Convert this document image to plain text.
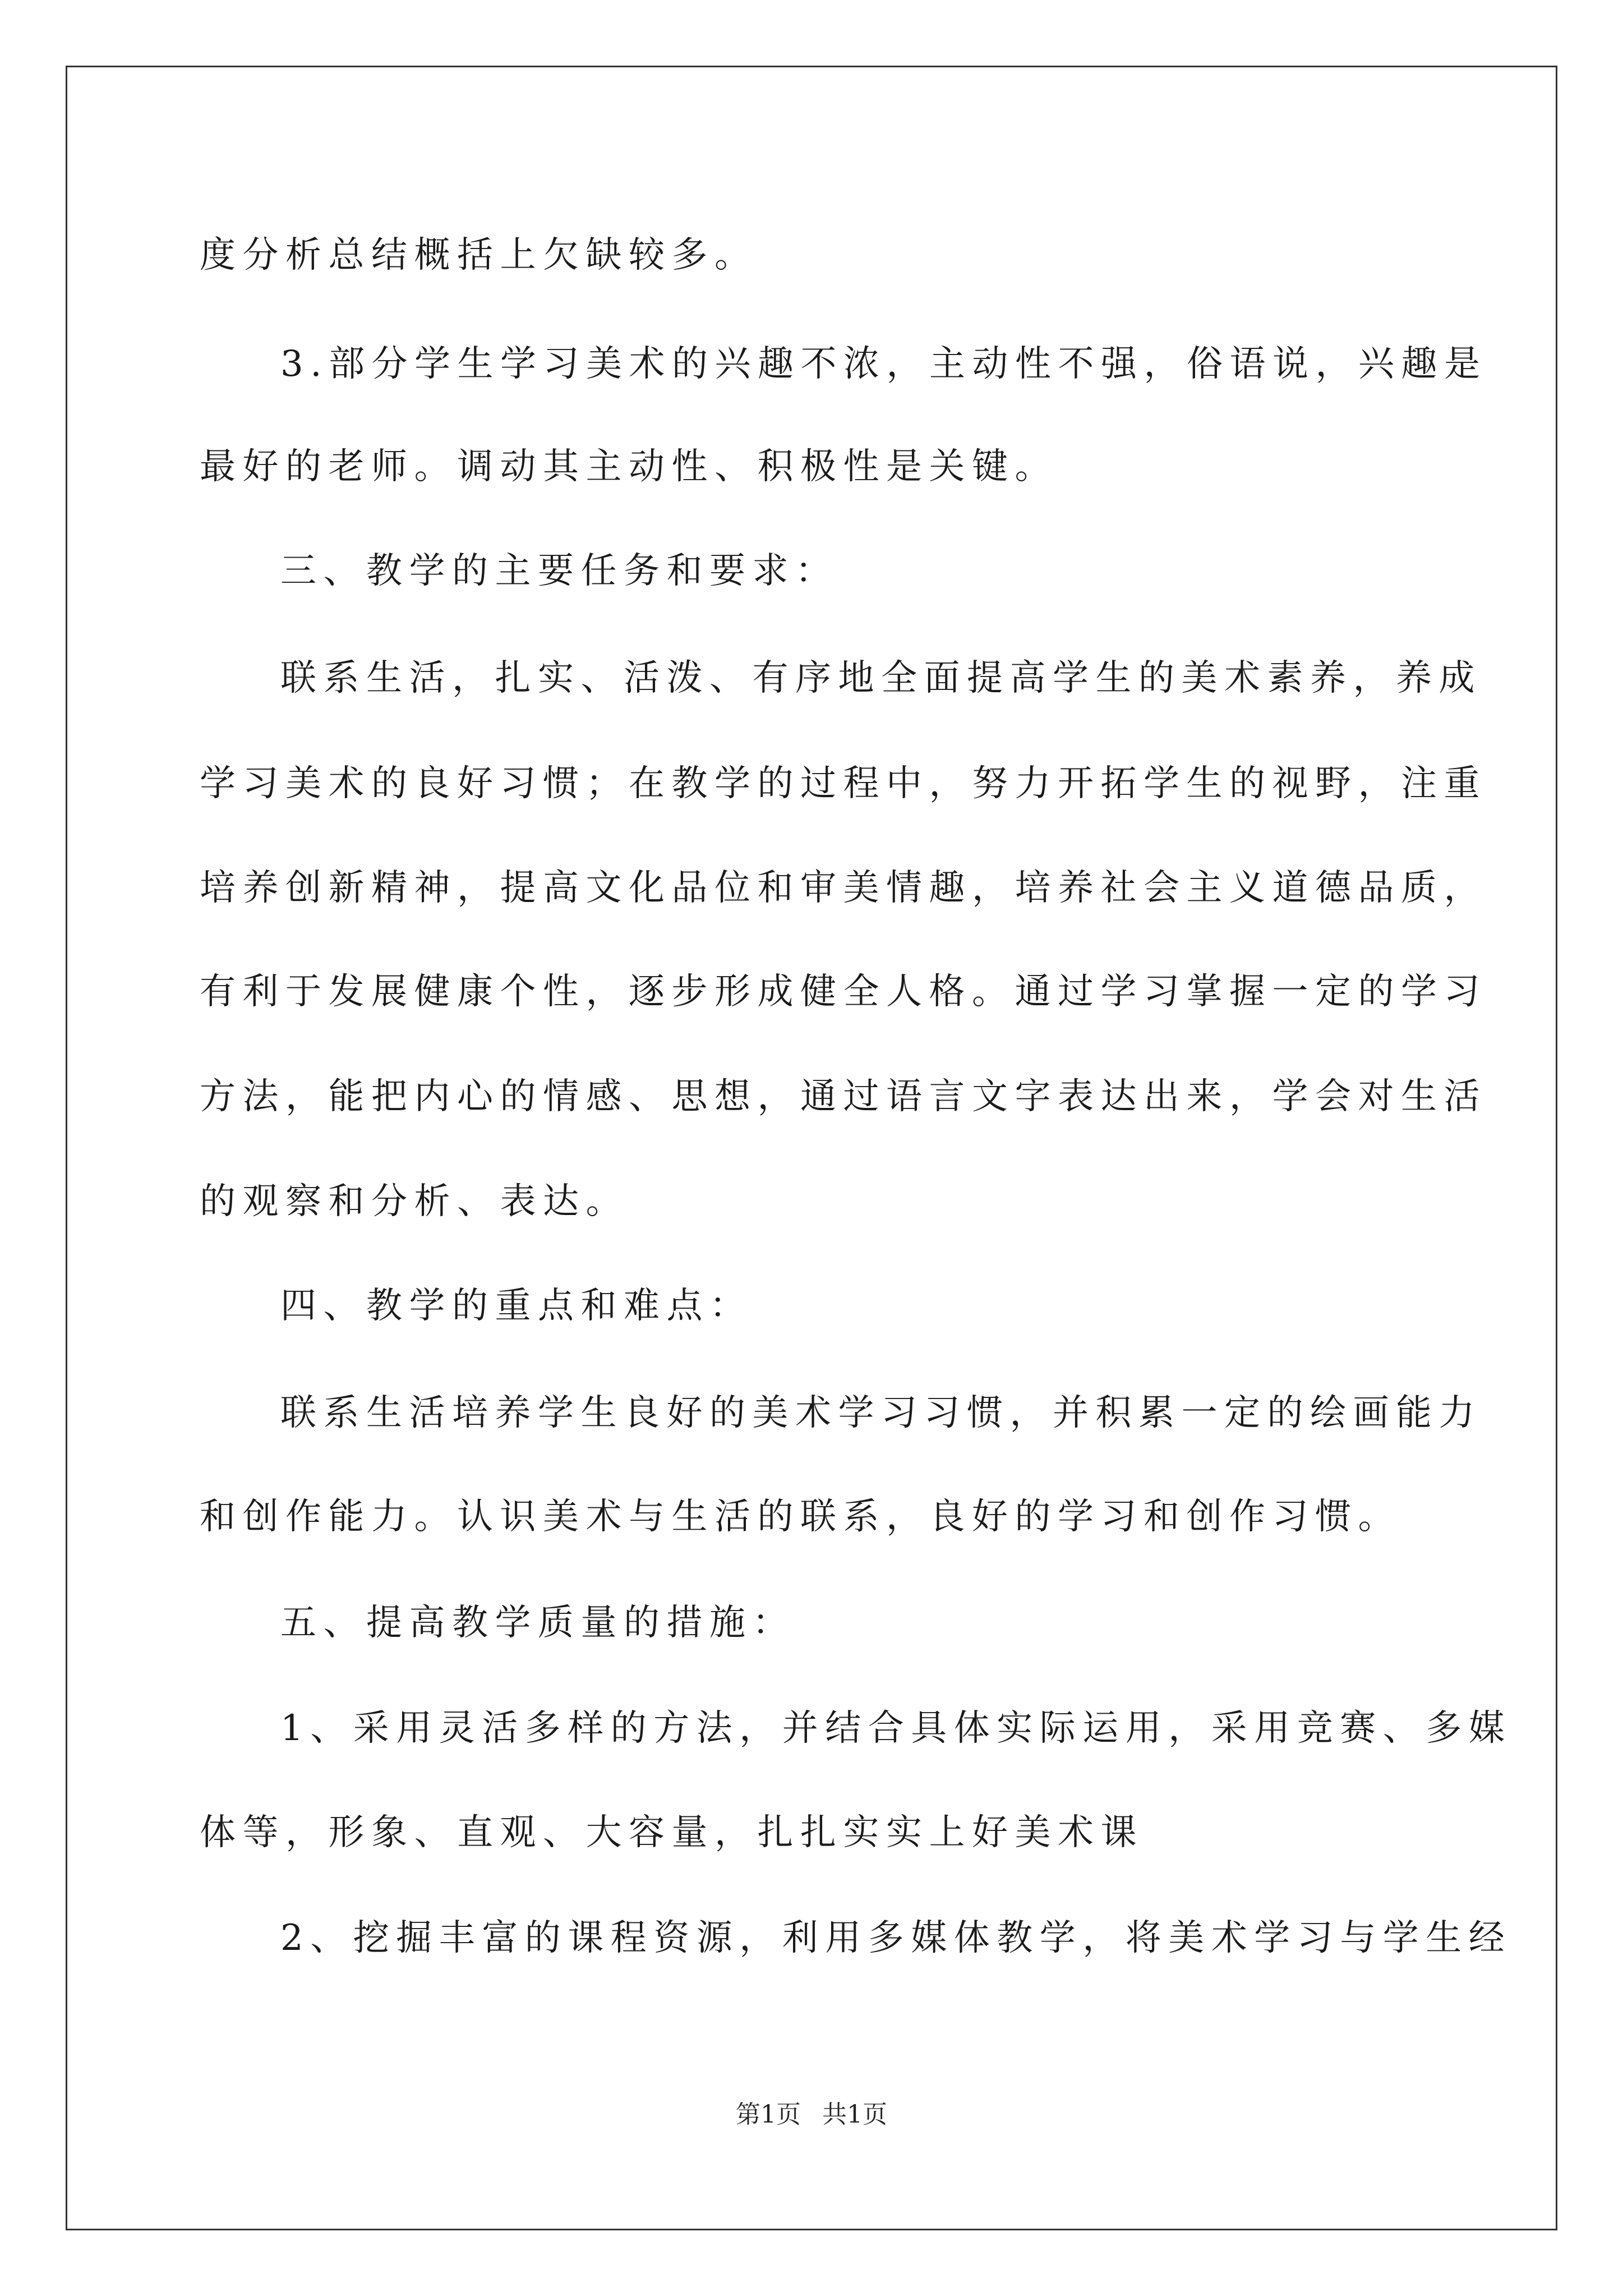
度分析总结概括上欠缺较多。
3.部分学生学习美术的兴趣不浓，主动性不强，俗语说，兴趣是
最好的老师。调动其主动性、积极性是关键。
三、教学的主要任务和要求：
联系生活，扎实、活泼、有序地全面提高学生的美术素养，养成
学习美术的良好习惯；在教学的过程中，努力开拓学生的视野，注重
培养创新精神，提高文化品位和审美情趣，培养社会主义道德品质，
有利于发展健康个性，逐步形成健全人格。通过学习掌握一定的学习
方法，能把内心的情感、思想，通过语言文字表达出来，学会对生活
的观察和分析、表达。
四、教学的重点和难点：
联系生活培养学生良好的美术学习习惯，并积累一定的绘画能力
和创作能力。认识美术与生活的联系，良好的学习和创作习惯。
五、提高教学质量的措施：
1、采用灵活多样的方法，并结合具体实际运用，采用竞赛、多媒
体等，形象、直观、大容量，扎扎实实上好美术课
2、挖掘丰富的课程资源，利用多媒体教学，将美术学习与学生经
第1页 共1页
